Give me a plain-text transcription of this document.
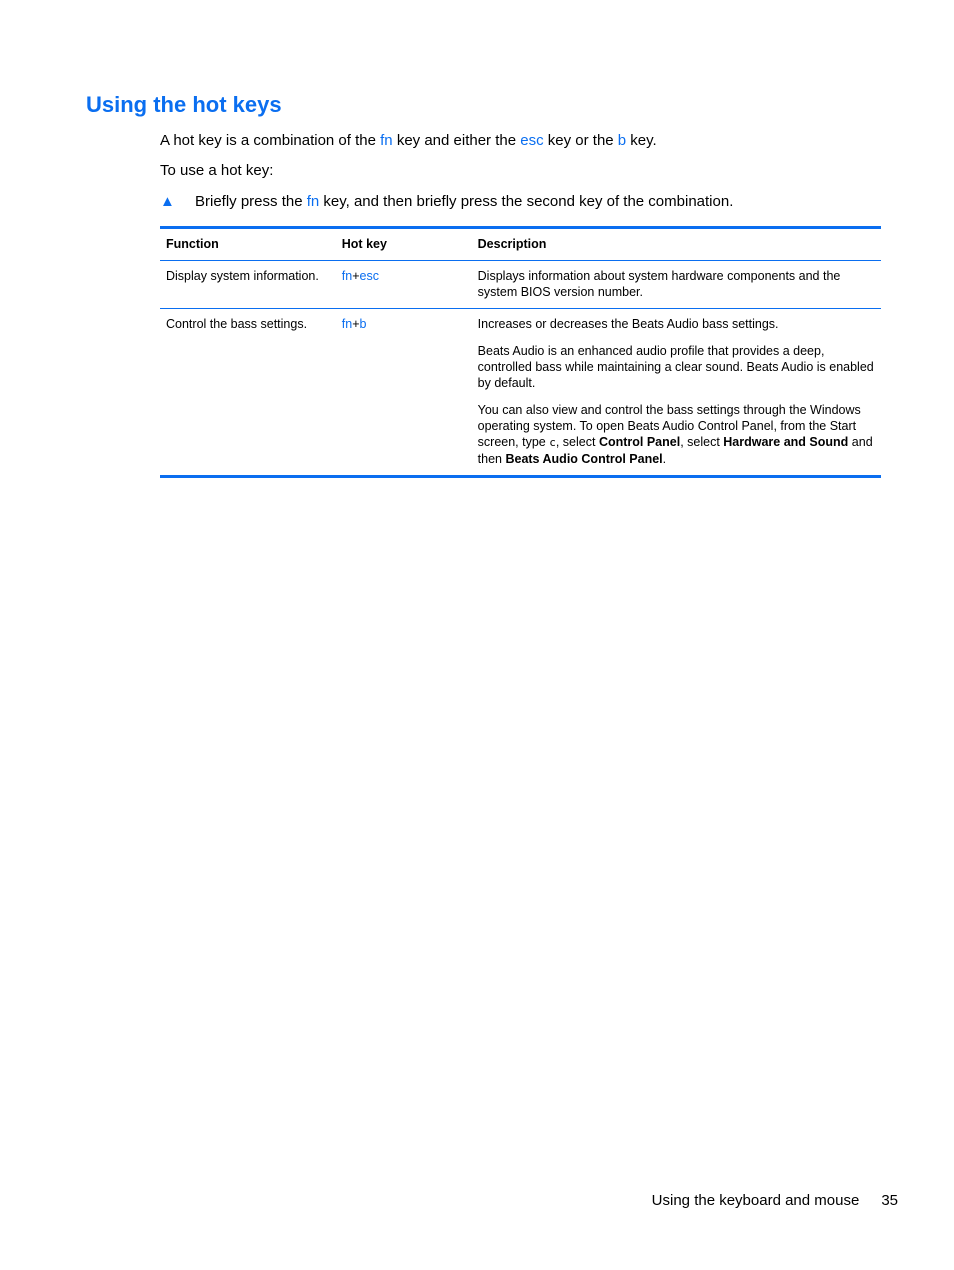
Using the hot keys

A hot key is a combination of the fn key and either the esc key or the b key.

To use a hot key:

▲ Briefly press the fn key, and then briefly press the second key of the combination.
Function	Hot key	Description
Display system information.	fn+esc	Displays information about system hardware components and the system BIOS version number.

Control the bass settings.	fn+b	Increases or decreases the Beats Audio bass settings.

Beats Audio is an enhanced audio profile that provides a deep, controlled bass while maintaining a clear sound. Beats Audio is enabled by default.

You can also view and control the bass settings through the Windows operating system. To open Beats Audio Control Panel, from the Start screen, type c, select Control Panel, select Hardware and Sound and then Beats Audio Control Panel.

Using the keyboard and mouse 35
